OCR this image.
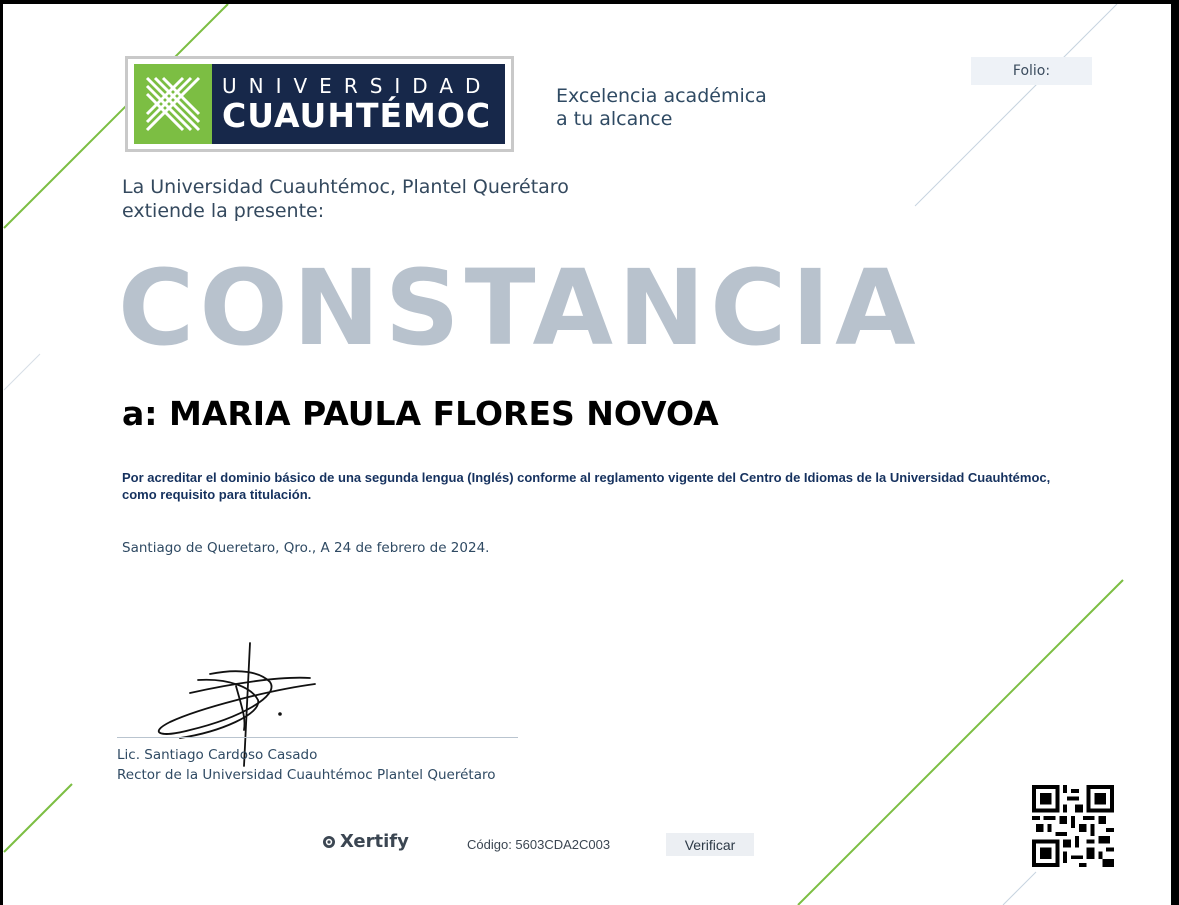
UNIVERSIDAD
CUAUHTÉMOC	Excelencia académica
a tu alcance
Folio:
La Universidad Cuauhtémoc, Plantel Querétaro
extiende la presente:
CONSTANCIA
a: MARIA PAULA FLORES NOVOA
Por acreditar el dominio básico de una segunda lengua (Inglés) conforme al reglamento vigente del Centro de Idiomas de la Universidad Cuauhtémoc, como requisito para titulación.
Santiago de Queretaro, Qro., A 24 de febrero de 2024.
Lic. Santiago Cardoso Casado
Rector de la Universidad Cuauhtémoc Plantel Querétaro
Xertify	Código: 5603CDA2C003	Verificar
